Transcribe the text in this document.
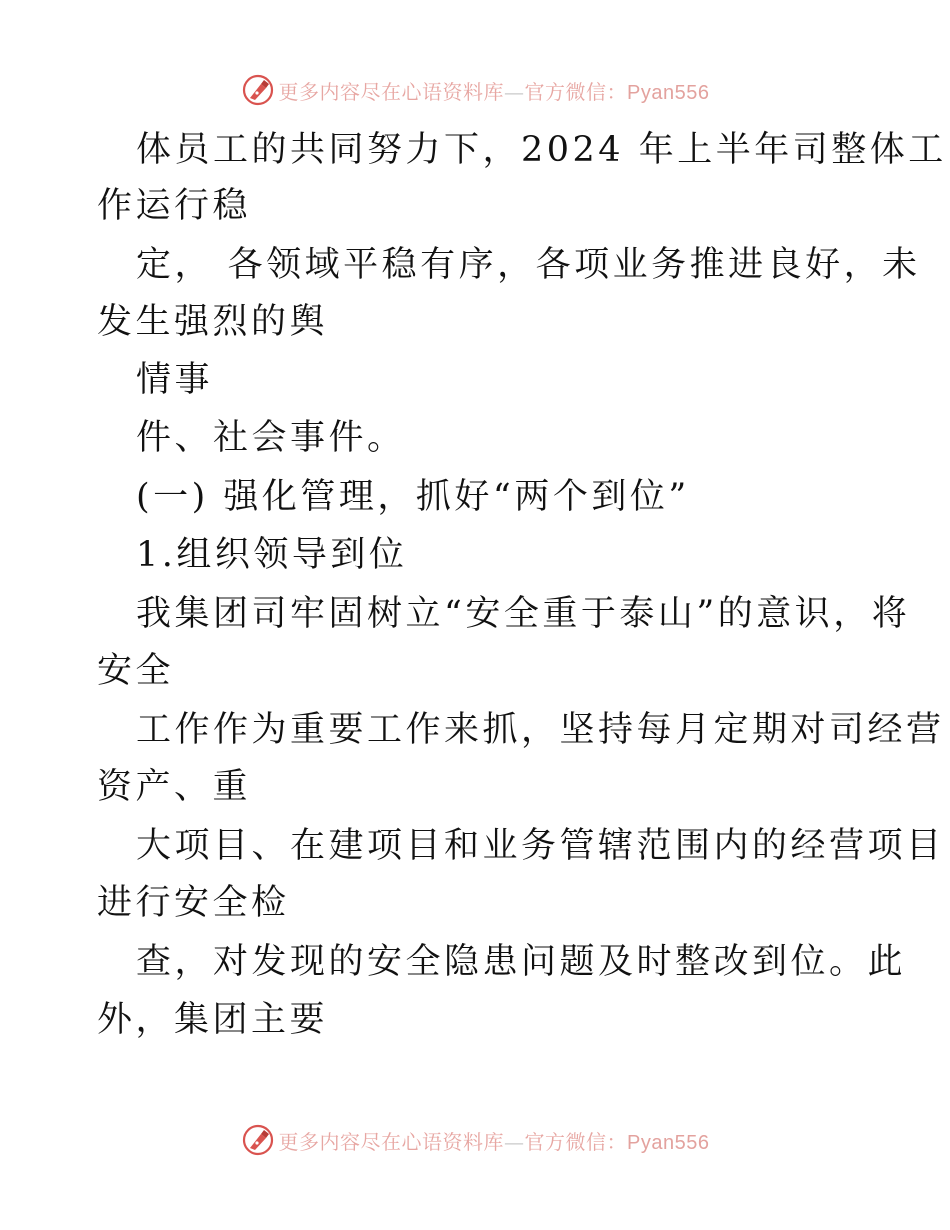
更多内容尽在心语资料库—官方微信：Pyan556
体员工的共同努力下，2024 年上半年司整体工
作运行稳
定， 各领域平稳有序，各项业务推进良好，未
发生强烈的舆
情事
件、社会事件。
(一) 强化管理，抓好“两个到位”
1.组织领导到位
我集团司牢固树立“安全重于泰山”的意识，将
安全
工作作为重要工作来抓，坚持每月定期对司经营
资产、重
大项目、在建项目和业务管辖范围内的经营项目
进行安全检
查，对发现的安全隐患问题及时整改到位。此
外，集团主要
更多内容尽在心语资料库—官方微信：Pyan556
